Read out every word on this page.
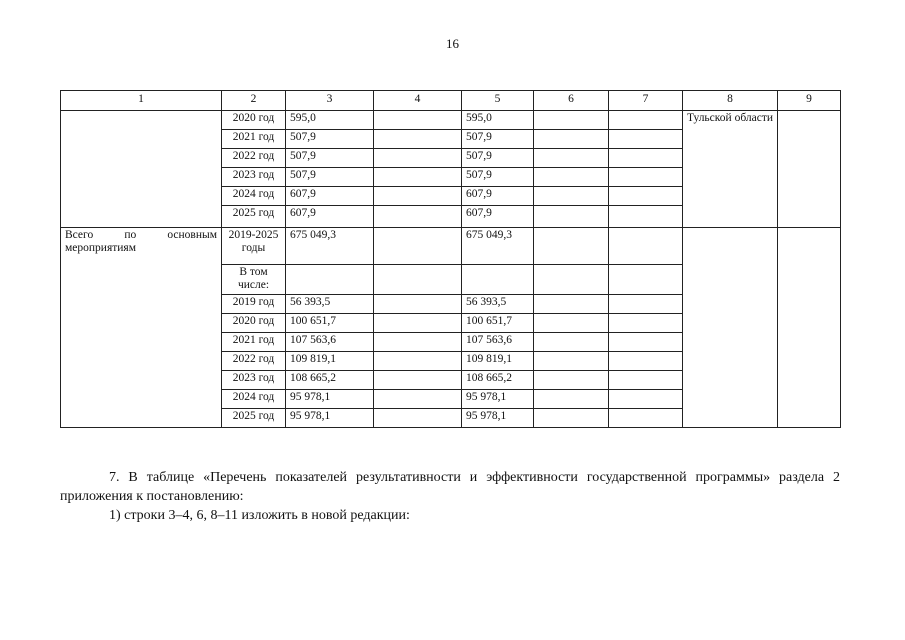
16
1	2	3	4	5	6	7	8	9
	2020 год	595,0		595,0			Тульской области	
	2021 год	507,9		507,9				
	2022 год	507,9		507,9				
	2023 год	507,9		507,9				
	2024 год	607,9		607,9				
	2025 год	607,9		607,9				

Всего по основным
мероприятиям	2019-2025 годы	675 049,3		675 049,3				
	В том числе:							
	2019 год	56 393,5		56 393,5				
	2020 год	100 651,7		100 651,7				
	2021 год	107 563,6		107 563,6				
	2022 год	109 819,1		109 819,1				
	2023 год	108 665,2		108 665,2				
	2024 год	95 978,1		95 978,1				
	2025 год	95 978,1		95 978,1				
7. В таблице «Перечень показателей результативности и эффективности государственной программы» раздела 2 приложения к постановлению:
1) строки 3–4, 6, 8–11 изложить в новой редакции:
